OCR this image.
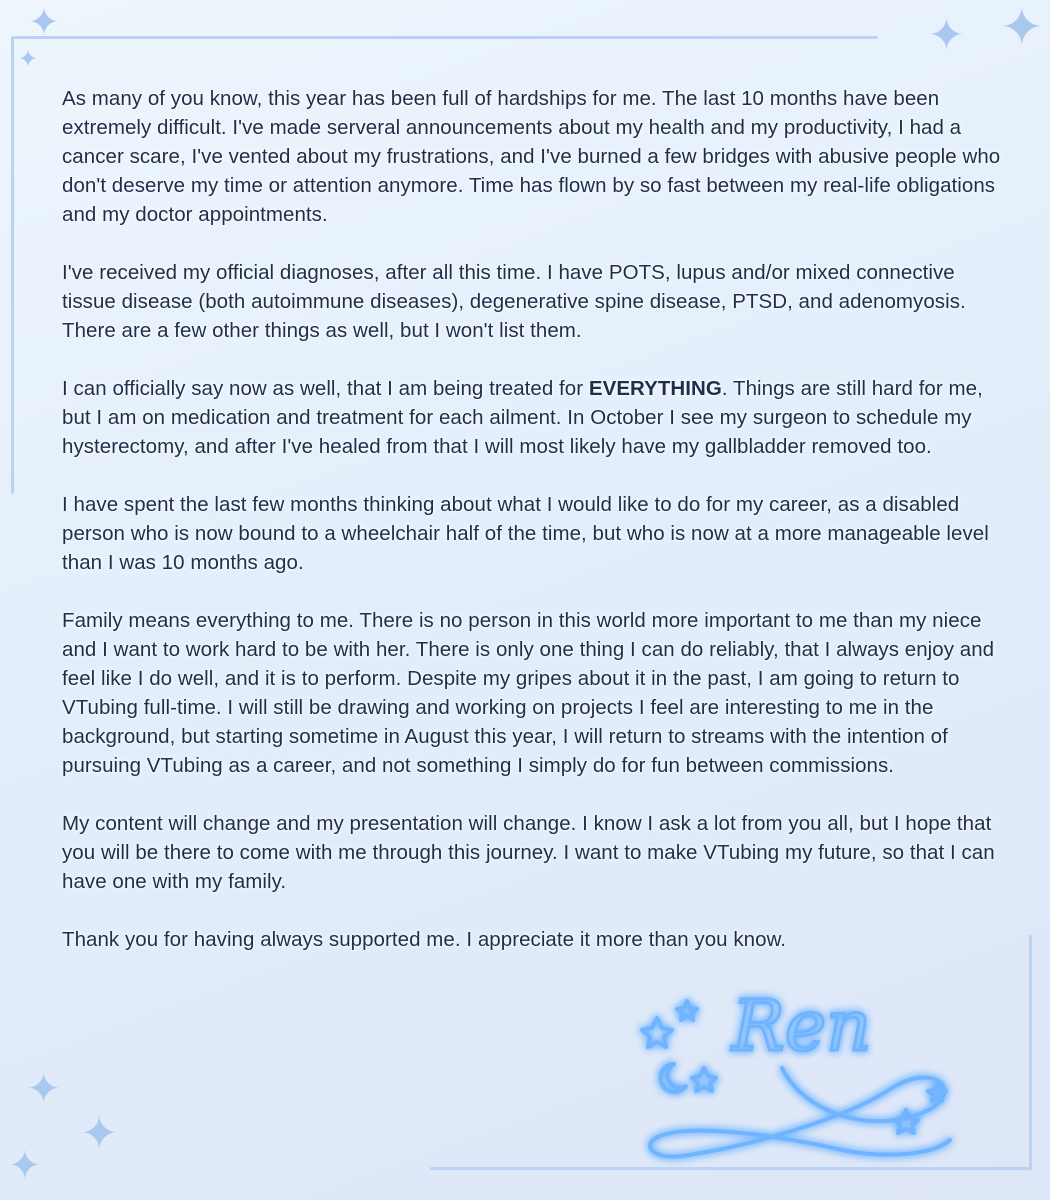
✦
✦	✦ ✦
✦
✦
✦

As many of you know, this year has been full of hardships for me. The last 10 months have been extremely difficult. I've made serveral announcements about my health and my productivity, I had a cancer scare, I've vented about my frustrations, and I've burned a few bridges with abusive people who don't deserve my time or attention anymore. Time has flown by so fast between my real-life obligations and my doctor appointments.

I've received my official diagnoses, after all this time. I have POTS, lupus and/or mixed connective tissue disease (both autoimmune diseases), degenerative spine disease, PTSD, and adenomyosis. There are a few other things as well, but I won't list them.

I can officially say now as well, that I am being treated for EVERYTHING. Things are still hard for me, but I am on medication and treatment for each ailment. In October I see my surgeon to schedule my hysterectomy, and after I've healed from that I will most likely have my gallbladder removed too.

I have spent the last few months thinking about what I would like to do for my career, as a disabled person who is now bound to a wheelchair half of the time, but who is now at a more manageable level than I was 10 months ago.

Family means everything to me. There is no person in this world more important to me than my niece and I want to work hard to be with her. There is only one thing I can do reliably, that I always enjoy and feel like I do well, and it is to perform. Despite my gripes about it in the past, I am going to return to VTubing full-time. I will still be drawing and working on projects I feel are interesting to me in the background, but starting sometime in August this year, I will return to streams with the intention of pursuing VTubing as a career, and not something I simply do for fun between commissions.

My content will change and my presentation will change. I know I ask a lot from you all, but I hope that you will be there to come with me through this journey. I want to make VTubing my future, so that I can have one with my family.

Thank you for having always supported me. I appreciate it more than you know.

Ren
